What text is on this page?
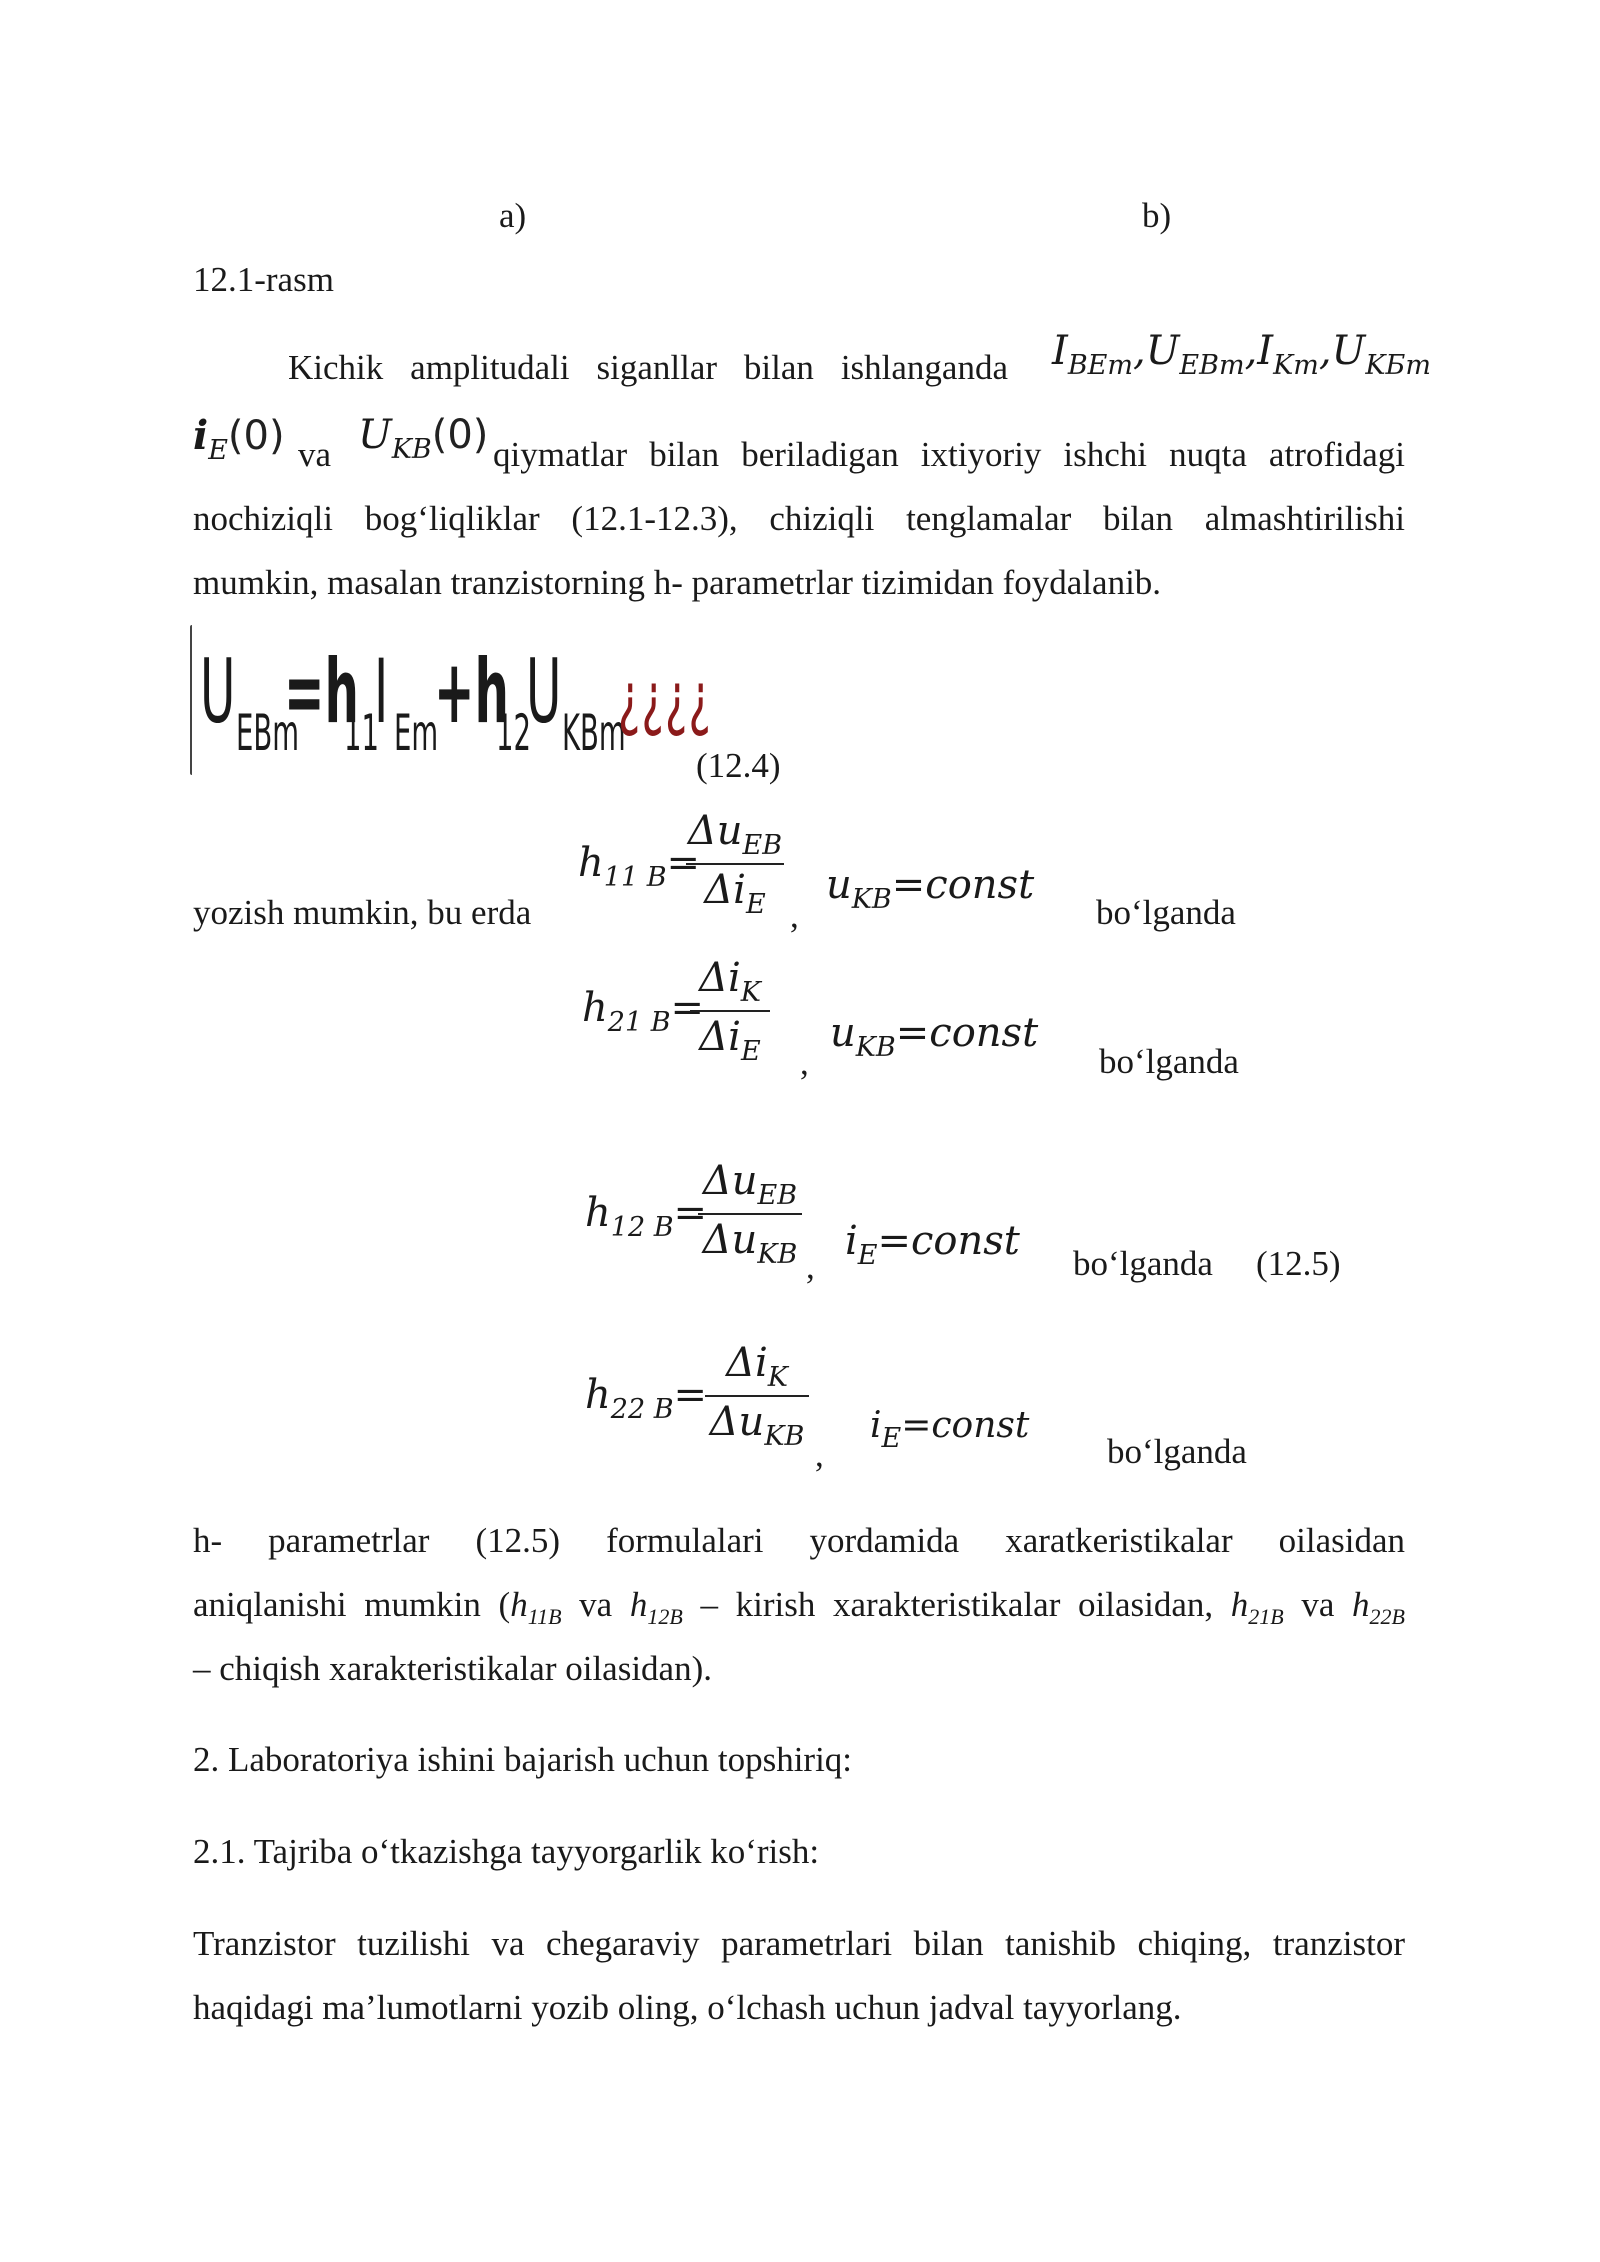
a)	b)
12.1-rasm
Kichik amplitudali siganllar bilan ishlanganda IBEm,UEBm,IKm,UKБm
iE(0) va UKB(0) qiymatlar bilan beriladigan ixtiyoriy ishchi nuqta atrofidagi
nochiziqli bog‘liqliklar (12.1-12.3), chiziqli tenglamalar bilan almashtirilishi
mumkin, masalan tranzistorning h- parametrlar tizimidan foydalanib.
UEBm=h11I Em+h12UKBm¿¿¿¿
(12.4)
yozish mumkin, bu erda
h11 B=
$\Delta u_{EB}$
$\Delta i_E$ ,
uKB=const
bo‘lganda
h21 B=
$\Delta i_K$
$\Delta i_E$ ,
uKB=const
bo‘lganda
h12 B=
$\Delta u_{EB}$
$\Delta u_{KB}$ ,
iE=const bo‘lganda (12.5)
h22 B=
$\Delta i_K$
$\Delta u_{KB}$ ,
iE=const
bo‘lganda
h- parametrlar (12.5) formulalari yordamida xaratkeristikalar oilasidan
aniqlanishi mumkin ($h_{11B}$ va $h_{12B}$ – kirish xarakteristikalar oilasidan, $h_{21B}$ va $h_{22B}$
– chiqish xarakteristikalar oilasidan).
2. Laboratoriya ishini bajarish uchun topshiriq:
2.1. Tajriba o‘tkazishga tayyorgarlik ko‘rish:
Tranzistor tuzilishi va chegaraviy parametrlari bilan tanishib chiqing, tranzistor
haqidagi ma’lumotlarni yozib oling, o‘lchash uchun jadval tayyorlang.
